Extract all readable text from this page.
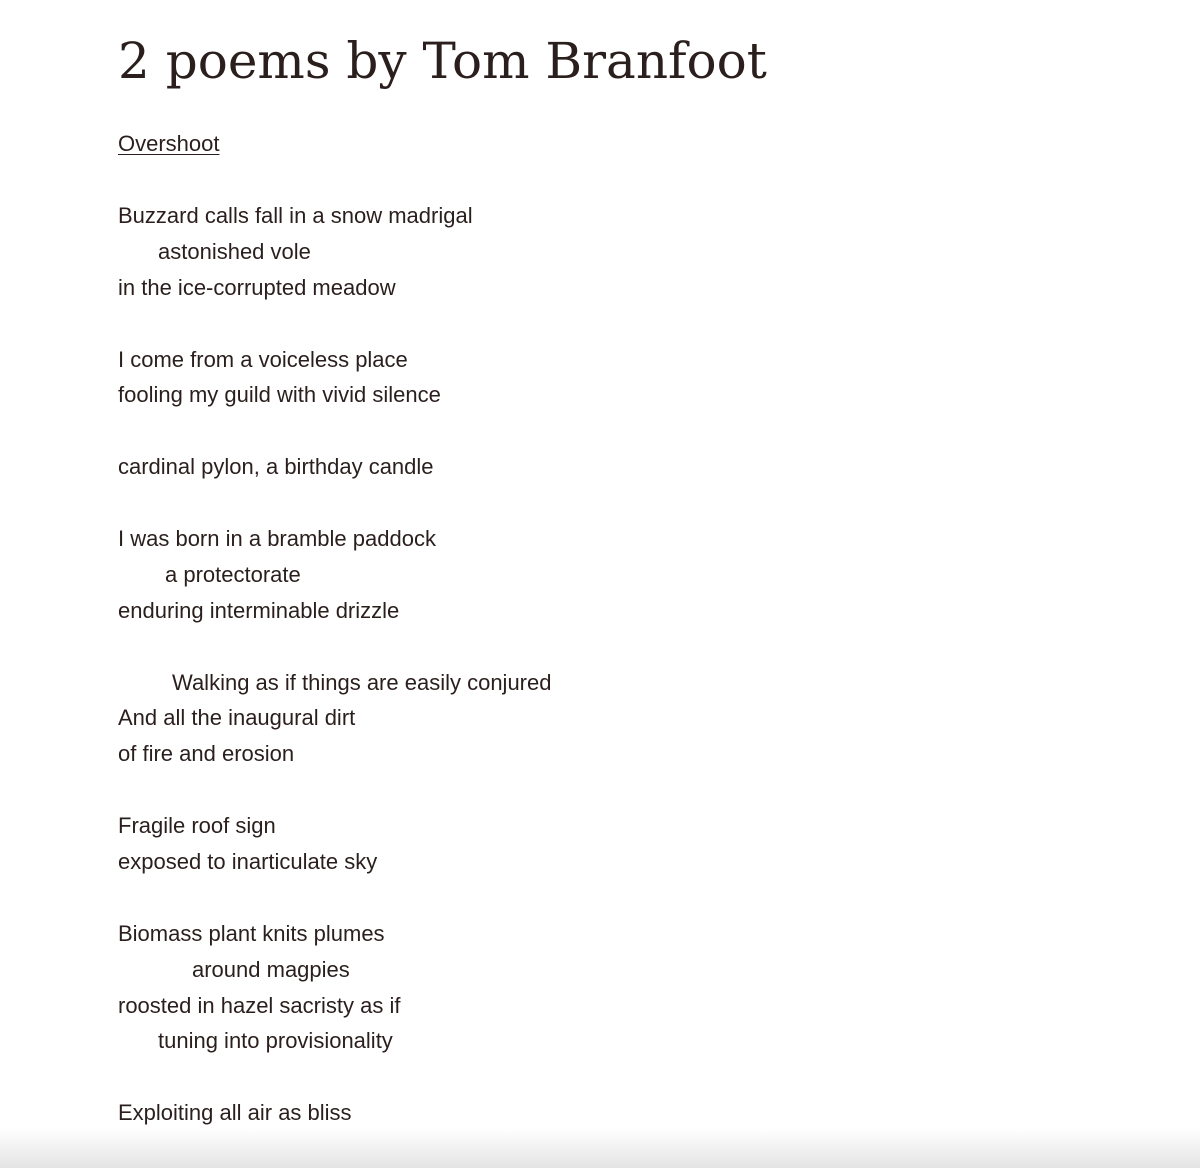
2 poems by Tom Branfoot
Overshoot
Buzzard calls fall in a snow madrigal
astonished vole
in the ice-corrupted meadow
I come from a voiceless place
fooling my guild with vivid silence
cardinal pylon, a birthday candle
I was born in a bramble paddock
a protectorate
enduring interminable drizzle
Walking as if things are easily conjured
And all the inaugural dirt
of fire and erosion
Fragile roof sign
exposed to inarticulate sky
Biomass plant knits plumes
around magpies
roosted in hazel sacristy as if
tuning into provisionality
Exploiting all air as bliss
